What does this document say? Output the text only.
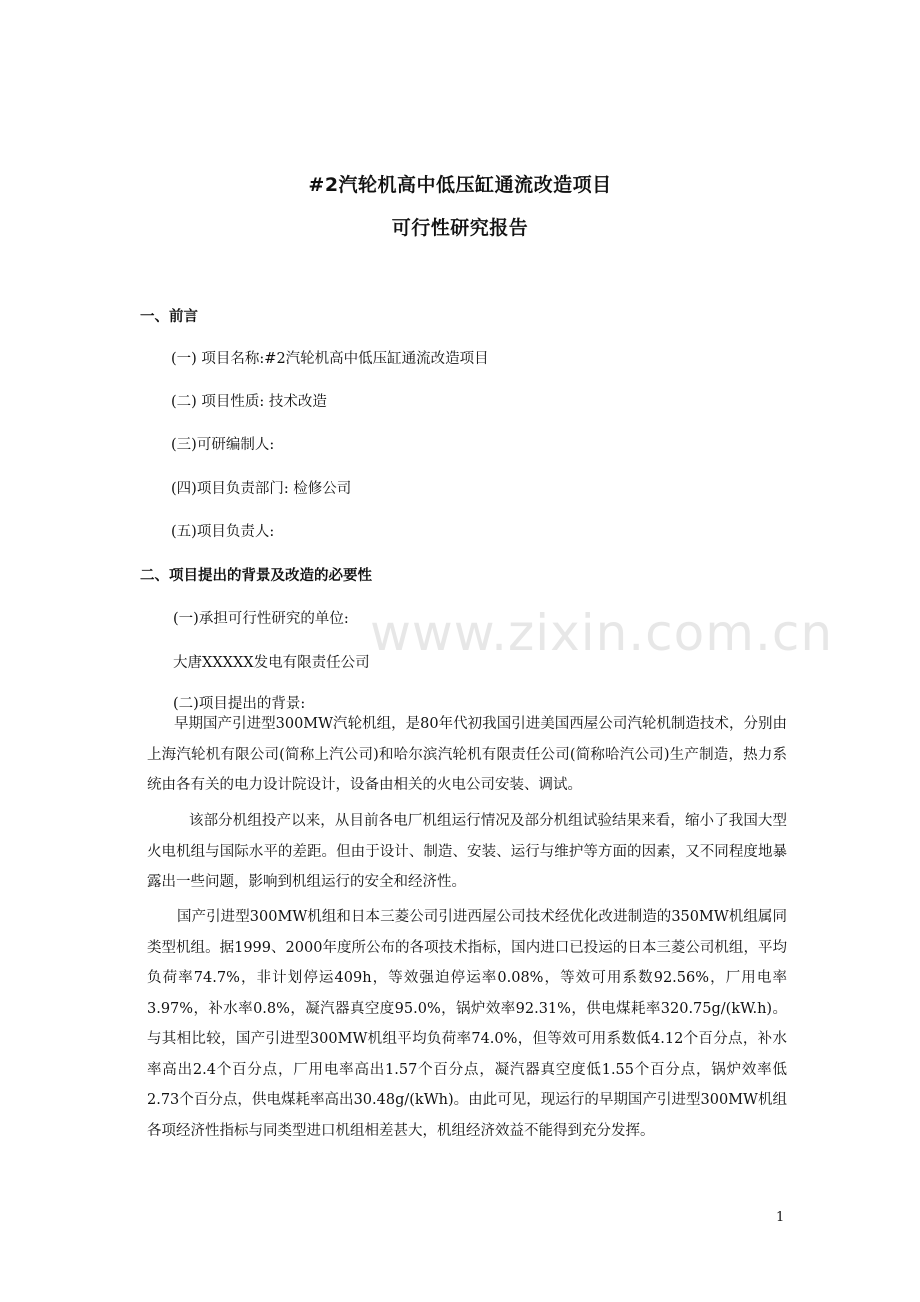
#2汽轮机高中低压缸通流改造项目
可行性研究报告
一、前言
(一) 项目名称:#2汽轮机高中低压缸通流改造项目
(二) 项目性质: 技术改造
(三)可研编制人:
(四)项目负责部门: 检修公司
(五)项目负责人:
二、项目提出的背景及改造的必要性
(一)承担可行性研究的单位:
大唐XXXXX发电有限责任公司
(二)项目提出的背景:

早期国产引进型300MW汽轮机组，是80年代初我国引进美国西屋公司汽轮机制造技术，分别由上海汽轮机有限公司(简称上汽公司)和哈尔滨汽轮机有限责任公司(简称哈汽公司)生产制造，热力系统由各有关的电力设计院设计，设备由相关的火电公司安装、调试。

该部分机组投产以来，从目前各电厂机组运行情况及部分机组试验结果来看，缩小了我国大型火电机组与国际水平的差距。但由于设计、制造、安装、运行与维护等方面的因素，又不同程度地暴露出一些问题，影响到机组运行的安全和经济性。

国产引进型300MW机组和日本三菱公司引进西屋公司技术经优化改进制造的350MW机组属同类型机组。据1999、2000年度所公布的各项技术指标，国内进口已投运的日本三菱公司机组，平均负荷率74.7%，非计划停运409h，等效强迫停运率0.08%，等效可用系数92.56%，厂用电率3.97%，补水率0.8%，凝汽器真空度95.0%，锅炉效率92.31%，供电煤耗率320.75g/(kW.h)。与其相比较，国产引进型300MW机组平均负荷率74.0%，但等效可用系数低4.12个百分点，补水率高出2.4个百分点，厂用电率高出1.57个百分点，凝汽器真空度低1.55个百分点，锅炉效率低2.73个百分点，供电煤耗率高出30.48g/(kWh)。由此可见，现运行的早期国产引进型300MW机组各项经济性指标与同类型进口机组相差甚大，机组经济效益不能得到充分发挥。

www.zixin.com.cn
1
